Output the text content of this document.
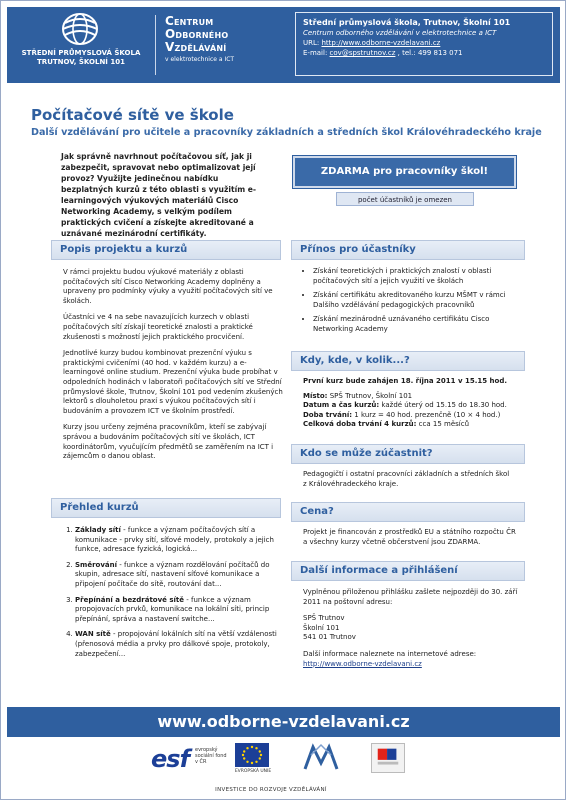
STŘEDNÍ PRŮMYSLOVÁ ŠKOLA
TRUTNOV, ŠKOLNÍ 101
Centrum
Odborného
Vzdělávání
v elektrotechnice a ICT
Střední průmyslová škola, Trutnov, Školní 101
Centrum odborného vzdělávání v elektrotechnice a ICT
URL: http://www.odborne-vzdelavani.cz
E-mail: cov@spstrutnov.cz , tel.: 499 813 071
Počítačové sítě ve škole
Další vzdělávání pro učitele a pracovníky základních a středních škol Královéhradeckého kraje
Jak správně navrhnout počítačovou síť, jak ji zabezpečit, spravovat nebo optimalizovat její provoz? Využijte jedinečnou nabídku bezplatných kurzů z této oblasti s využitím e-learningových výukových materiálů Cisco Networking Academy, s velkým podílem praktických cvičení a získejte akreditované a uznávané mezinárodní certifikáty.
ZDARMA pro pracovníky škol!
počet účastníků je omezen
Popis projektu a kurzů

V rámci projektu budou výukové materiály z oblasti počítačových sítí Cisco Networking Academy doplněny a upraveny pro podmínky výuky a využití počítačových sítí ve školách.

Účastníci ve 4 na sebe navazujících kurzech v oblasti počítačových sítí získají teoretické znalosti a praktické zkušenosti s možností jejich praktického procvičení.

Jednotlivé kurzy budou kombinovat prezenční výuku s praktickými cvičeními (40 hod. v každém kurzu) a e-learningové online studium. Prezenční výuka bude probíhat v odpoledních hodinách v laboratoři počítačových sítí ve Střední průmyslové škole, Trutnov, Školní 101 pod vedením zkušených lektorů s dlouholetou praxí s výukou počítačových sítí i budováním a provozem ICT ve školním prostředí.

Kurzy jsou určeny zejména pracovníkům, kteří se zabývají správou a budováním počítačových sítí ve školách, ICT koordinátorům, vyučujícím předmětů se zaměřením na ICT i zájemcům o danou oblast.

Přehled kurzů
1. Základy sítí - funkce a význam počítačových sítí a komunikace - prvky sítí, síťové modely, protokoly a jejich funkce, adresace fyzická, logická...
2. Směrování - funkce a význam rozdělování počítačů do skupin, adresace sítí, nastavení síťové komunikace a připojení počítače do sítě, routování dat...
3. Přepínání a bezdrátové sítě - funkce a význam propojovacích prvků, komunikace na lokální síti, princip přepínání, správa a nastavení switche...
4. WAN sítě - propojování lokálních sítí na větší vzdálenosti (přenosová média a prvky pro dálkové spoje, protokoly, zabezpečení...
Přínos pro účastníky
• Získání teoretických i praktických znalostí v oblasti počítačových sítí a jejich využití ve školách
• Získání certifikátu akreditovaného kurzu MŠMT v rámci Dalšího vzdělávání pedagogických pracovníků
• Získání mezinárodně uznávaného certifikátu Cisco Networking Academy
Kdy, kde, v kolik...?
První kurz bude zahájen 18. října 2011 v 15.15 hod.
Místo: SPŠ Trutnov, Školní 101
Datum a čas kurzů: každé úterý od 15.15 do 18.30 hod.
Doba trvání: 1 kurz = 40 hod. prezenčně (10 × 4 hod.)
Celková doba trvání 4 kurzů: cca 15 měsíců
Kdo se může zúčastnit?
Pedagogičtí i ostatní pracovníci základních a středních škol z Královéhradeckého kraje.
Cena?
Projekt je financován z prostředků EU a státního rozpočtu ČR a všechny kurzy včetně občerstvení jsou ZDARMA.
Další informace a přihlášení

Vyplněnou přiloženou přihlášku zašlete nejpozději do 30. září 2011 na poštovní adresu:

SPŠ Trutnov
Školní 101
541 01 Trutnov
Další informace naleznete na internetové adrese:
http://www.odborne-vzdelavani.cz
www.odborne-vzdelavani.cz
esf	evropský sociální fond v ČR
EVROPSKÁ UNIE
INVESTICE DO ROZVOJE VZDĚLÁVÁNÍ
